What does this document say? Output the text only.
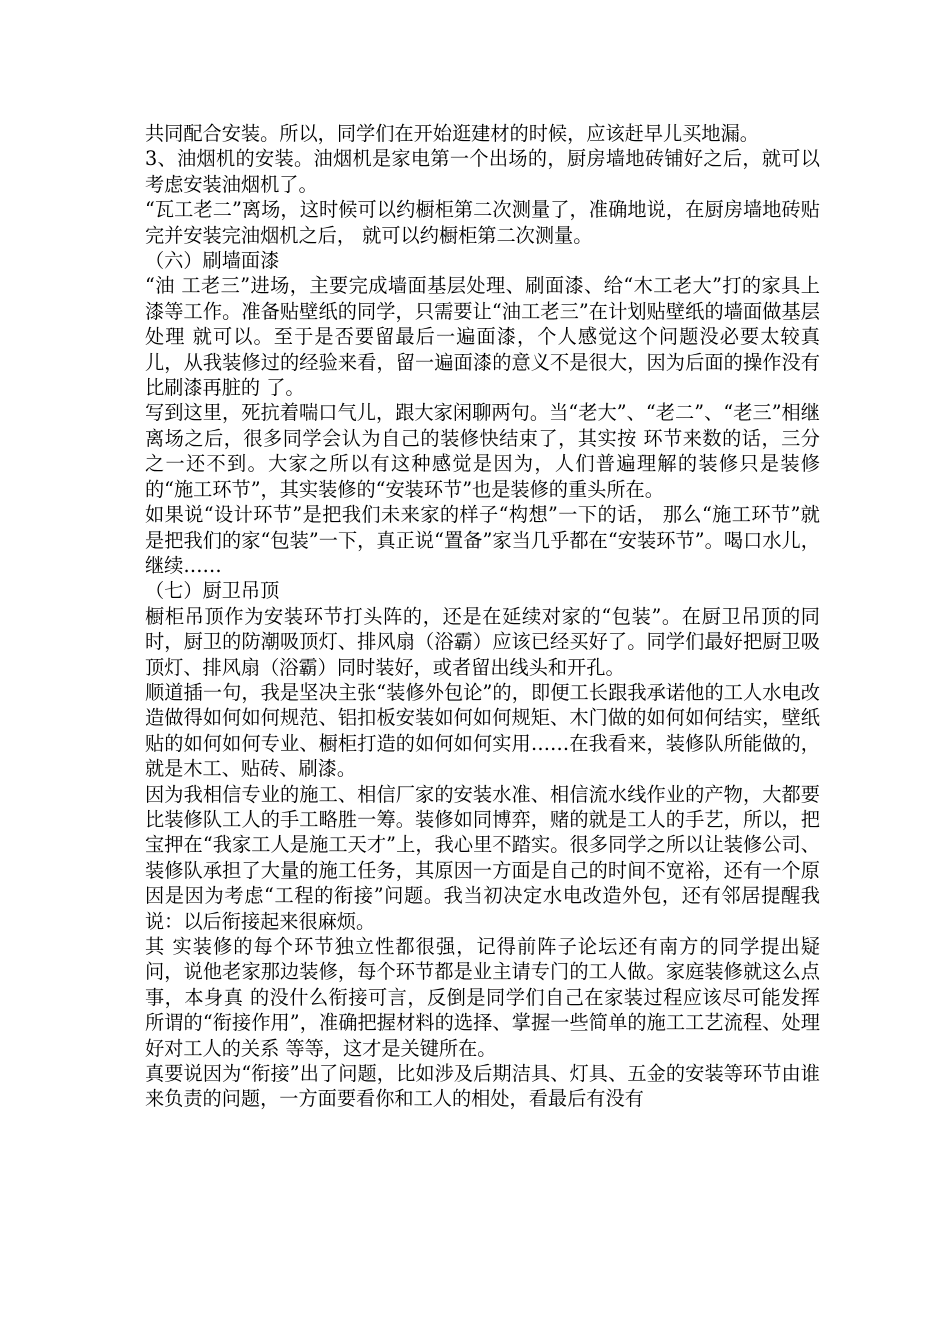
共同配合安装。所以，同学们在开始逛建材的时候，应该赶早儿买地漏。

3、油烟机的安装。油烟机是家电第一个出场的，厨房墙地砖铺好之后，就可以考虑安装油烟机了。

“瓦工老二”离场，这时候可以约橱柜第二次测量了，准确地说，在厨房墙地砖贴完并安装完油烟机之后， 就可以约橱柜第二次测量。

（六）刷墙面漆

“油 工老三”进场，主要完成墙面基层处理、刷面漆、给“木工老大”打的家具上漆等工作。准备贴壁纸的同学，只需要让“油工老三”在计划贴壁纸的墙面做基层处理 就可以。至于是否要留最后一遍面漆，个人感觉这个问题没必要太较真儿，从我装修过的经验来看，留一遍面漆的意义不是很大，因为后面的操作没有比刷漆再脏的 了。

写到这里，死抗着喘口气儿，跟大家闲聊两句。当“老大”、“老二”、“老三”相继离场之后，很多同学会认为自己的装修快结束了，其实按 环节来数的话，三分之一还不到。大家之所以有这种感觉是因为，人们普遍理解的装修只是装修的“施工环节”，其实装修的“安装环节”也是装修的重头所在。

如果说“设计环节”是把我们未来家的样子“构想”一下的话， 那么“施工环节”就是把我们的家“包装”一下，真正说“置备”家当几乎都在“安装环节”。喝口水儿，继续……

（七）厨卫吊顶

橱柜吊顶作为安装环节打头阵的，还是在延续对家的“包装”。在厨卫吊顶的同时，厨卫的防潮吸顶灯、排风扇（浴霸）应该已经买好了。同学们最好把厨卫吸顶灯、排风扇（浴霸）同时装好，或者留出线头和开孔。

顺道插一句，我是坚决主张“装修外包论”的，即便工长跟我承诺他的工人水电改造做得如何如何规范、铝扣板安装如何如何规矩、木门做的如何如何结实，壁纸贴的如何如何专业、橱柜打造的如何如何实用……在我看来，装修队所能做的，就是木工、贴砖、刷漆。

因为我相信专业的施工、相信厂家的安装水准、相信流水线作业的产物，大都要比装修队工人的手工略胜一筹。装修如同博弈，赌的就是工人的手艺，所以，把宝押在“我家工人是施工天才”上，我心里不踏实。很多同学之所以让装修公司、装修队承担了大量的施工任务，其原因一方面是自己的时间不宽裕，还有一个原因是因为考虑“工程的衔接”问题。我当初决定水电改造外包，还有邻居提醒我说：以后衔接起来很麻烦。

其 实装修的每个环节独立性都很强，记得前阵子论坛还有南方的同学提出疑问，说他老家那边装修，每个环节都是业主请专门的工人做。家庭装修就这么点事，本身真 的没什么衔接可言，反倒是同学们自己在家装过程应该尽可能发挥所谓的“衔接作用”，准确把握材料的选择、掌握一些简单的施工工艺流程、处理好对工人的关系 等等，这才是关键所在。

真要说因为“衔接”出了问题，比如涉及后期洁具、灯具、五金的安装等环节由谁来负责的问题，一方面要看你和工人的相处，看最后有没有
